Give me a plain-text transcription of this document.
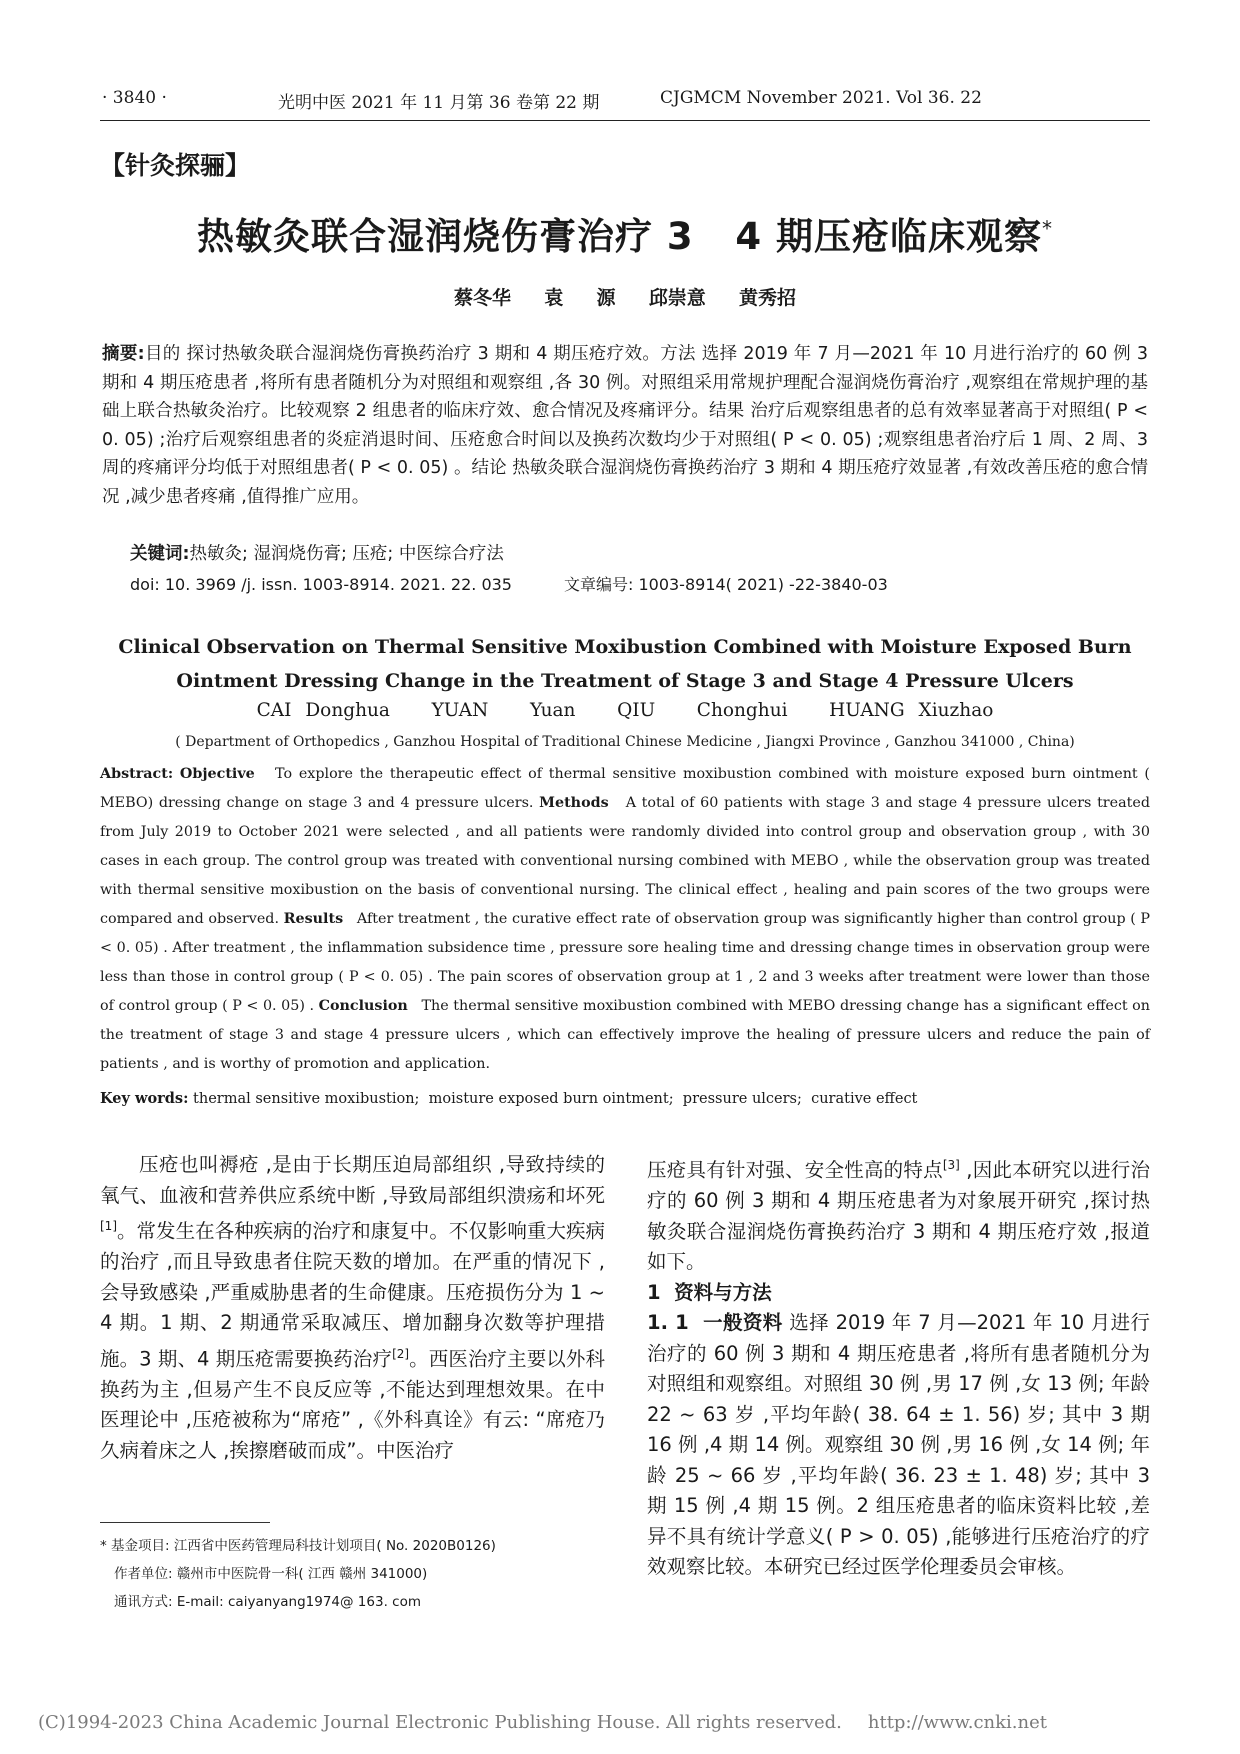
· 3840 ·	光明中医 2021 年 11 月第 36 卷第 22 期	CJGMCM November 2021. Vol 36. 22
【针灸探骊】
热敏灸联合湿润烧伤膏治疗 3   4 期压疮临床观察*
蔡冬华  袁  源  邱崇意  黄秀招
摘要:目的 探讨热敏灸联合湿润烧伤膏换药治疗 3 期和 4 期压疮疗效。方法 选择 2019 年 7 月—2021 年 10 月进行治疗的 60 例 3 期和 4 期压疮患者 ,将所有患者随机分为对照组和观察组 ,各 30 例。对照组采用常规护理配合湿润烧伤膏治疗 ,观察组在常规护理的基础上联合热敏灸治疗。比较观察 2 组患者的临床疗效、愈合情况及疼痛评分。结果 治疗后观察组患者的总有效率显著高于对照组( P < 0. 05) ;治疗后观察组患者的炎症消退时间、压疮愈合时间以及换药次数均少于对照组( P < 0. 05) ;观察组患者治疗后 1 周、2 周、3 周的疼痛评分均低于对照组患者( P < 0. 05) 。结论 热敏灸联合湿润烧伤膏换药治疗 3 期和 4 期压疮疗效显著 ,有效改善压疮的愈合情况 ,减少患者疼痛 ,值得推广应用。
关键词:热敏灸; 湿润烧伤膏; 压疮; 中医综合疗法
doi: 10. 3969 /j. issn. 1003-8914. 2021. 22. 035	文章编号: 1003-8914( 2021) -22-3840-03
Clinical Observation on Thermal Sensitive Moxibustion Combined with Moisture Exposed Burn
Ointment Dressing Change in the Treatment of Stage 3 and Stage 4 Pressure Ulcers
CAI Donghua   YUAN   Yuan   QIU   Chonghui   HUANG Xiuzhao
( Department of Orthopedics , Ganzhou Hospital of Traditional Chinese Medicine , Jiangxi Province , Ganzhou 341000 , China)
Abstract: Objective To explore the therapeutic effect of thermal sensitive moxibustion combined with moisture exposed burn ointment ( MEBO) dressing change on stage 3 and 4 pressure ulcers. Methods A total of 60 patients with stage 3 and stage 4 pressure ulcers treated from July 2019 to October 2021 were selected , and all patients were randomly divided into control group and observation group , with 30 cases in each group. The control group was treated with conventional nursing combined with MEBO , while the observation group was treated with thermal sensitive moxibustion on the basis of conventional nursing. The clinical effect , healing and pain scores of the two groups were compared and observed. Results After treatment , the curative effect rate of observation group was significantly higher than control group ( P < 0. 05) . After treatment , the inflammation subsidence time , pressure sore healing time and dressing change times in observation group were less than those in control group ( P < 0. 05) . The pain scores of observation group at 1 , 2 and 3 weeks after treatment were lower than those of control group ( P < 0. 05) . Conclusion The thermal sensitive moxibustion combined with MEBO dressing change has a significant effect on the treatment of stage 3 and stage 4 pressure ulcers , which can effectively improve the healing of pressure ulcers and reduce the pain of patients , and is worthy of promotion and application.
Key words: thermal sensitive moxibustion;  moisture exposed burn ointment;  pressure ulcers;  curative effect

压疮也叫褥疮 ,是由于长期压迫局部组织 ,导致持续的氧气、血液和营养供应系统中断 ,导致局部组织溃疡和坏死[1]。常发生在各种疾病的治疗和康复中。不仅影响重大疾病的治疗 ,而且导致患者住院天数的增加。在严重的情况下 ,会导致感染 ,严重威胁患者的生命健康。压疮损伤分为 1 ~ 4 期。1 期、2 期通常采取减压、增加翻身次数等护理措施。3 期、4 期压疮需要换药治疗[2]。西医治疗主要以外科换药为主 ,但易产生不良反应等 ,不能达到理想效果。在中医理论中 ,压疮被称为“席疮” ,《外科真诠》有云: “席疮乃久病着床之人 ,挨擦磨破而成”。中医治疗

压疮具有针对强、安全性高的特点[3] ,因此本研究以进行治疗的 60 例 3 期和 4 期压疮患者为对象展开研究 ,探讨热敏灸联合湿润烧伤膏换药治疗 3 期和 4 期压疮疗效 ,报道如下。

1  资料与方法

1. 1  一般资料 选择 2019 年 7 月—2021 年 10 月进行治疗的 60 例 3 期和 4 期压疮患者 ,将所有患者随机分为对照组和观察组。对照组 30 例 ,男 17 例 ,女 13 例; 年龄 22 ~ 63 岁 ,平均年龄( 38. 64 ± 1. 56) 岁; 其中 3 期 16 例 ,4 期 14 例。观察组 30 例 ,男 16 例 ,女 14 例; 年龄 25 ~ 66 岁 ,平均年龄( 36. 23 ± 1. 48) 岁; 其中 3 期 15 例 ,4 期 15 例。2 组压疮患者的临床资料比较 ,差异不具有统计学意义( P > 0. 05) ,能够进行压疮治疗的疗效观察比较。本研究已经过医学伦理委员会审核。

* 基金项目: 江西省中医药管理局科技计划项目( No. 2020B0126)
作者单位: 赣州市中医院骨一科( 江西 赣州 341000)
通讯方式: E-mail: caiyanyang1974@ 163. com
(C)1994-2023 China Academic Journal Electronic Publishing House. All rights reserved. http://www.cnki.net
